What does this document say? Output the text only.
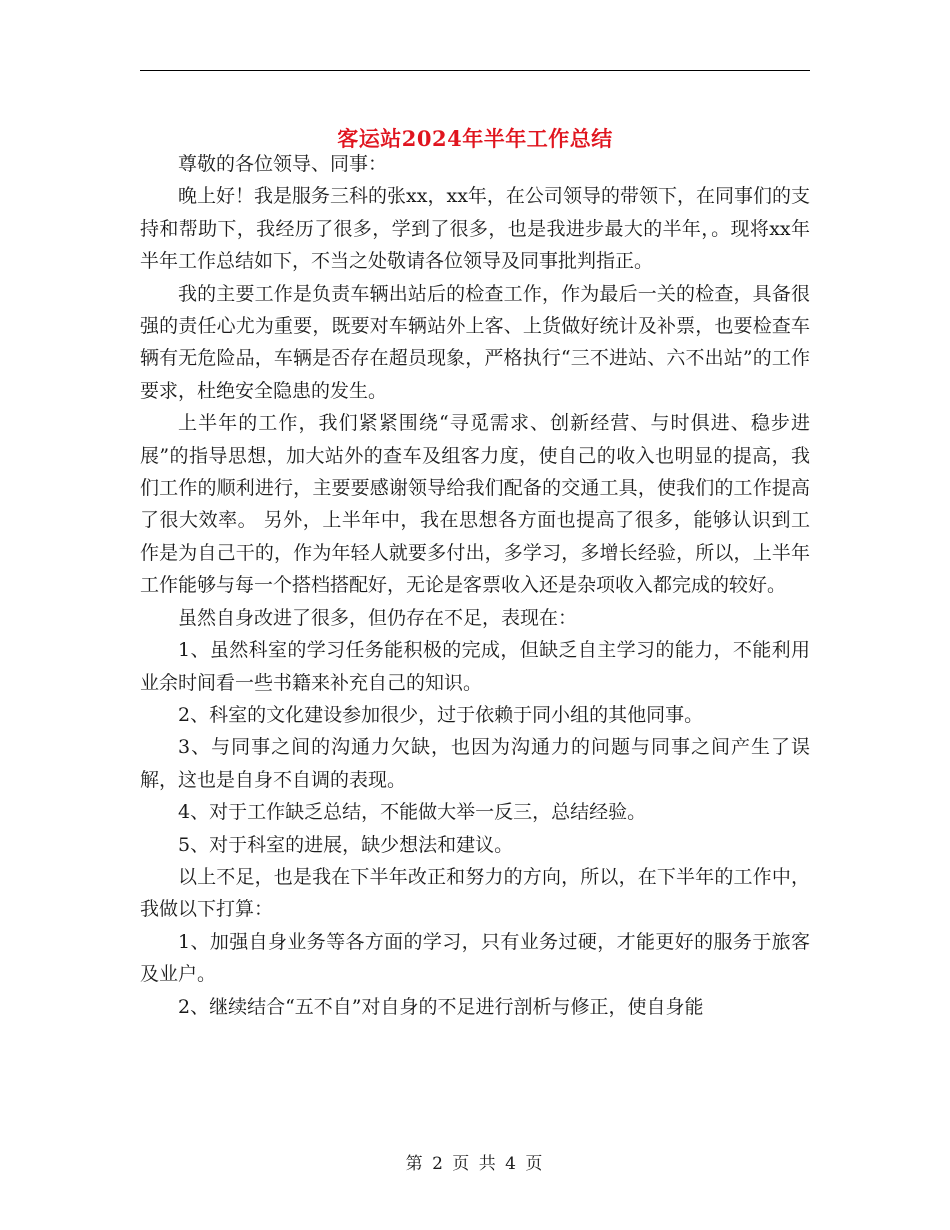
客运站2024年半年工作总结

尊敬的各位领导、同事：

晚上好！我是服务三科的张xx，xx年，在公司领导的带领下，在同事们的支持和帮助下，我经历了很多，学到了很多，也是我进步最大的半年，。现将xx年半年工作总结如下，不当之处敬请各位领导及同事批判指正。

我的主要工作是负责车辆出站后的检查工作，作为最后一关的检查，具备很强的责任心尤为重要，既要对车辆站外上客、上货做好统计及补票，也要检查车辆有无危险品，车辆是否存在超员现象，严格执行“三不进站、六不出站”的工作要求，杜绝安全隐患的发生。

上半年的工作，我们紧紧围绕“寻觅需求、创新经营、与时俱进、稳步进展”的指导思想，加大站外的查车及组客力度，使自己的收入也明显的提高，我们工作的顺利进行，主要要感谢领导给我们配备的交通工具，使我们的工作提高了很大效率。 另外，上半年中，我在思想各方面也提高了很多，能够认识到工作是为自己干的，作为年轻人就要多付出，多学习，多增长经验，所以，上半年工作能够与每一个搭档搭配好，无论是客票收入还是杂项收入都完成的较好。

虽然自身改进了很多，但仍存在不足，表现在：

1、虽然科室的学习任务能积极的完成，但缺乏自主学习的能力，不能利用业余时间看一些书籍来补充自己的知识。

2、科室的文化建设参加很少，过于依赖于同小组的其他同事。

3、与同事之间的沟通力欠缺，也因为沟通力的问题与同事之间产生了误解，这也是自身不自调的表现。

4、对于工作缺乏总结，不能做大举一反三，总结经验。

5、对于科室的进展，缺少想法和建议。

以上不足，也是我在下半年改正和努力的方向，所以，在下半年的工作中，我做以下打算：

1、加强自身业务等各方面的学习，只有业务过硬，才能更好的服务于旅客及业户。

2、继续结合“五不自”对自身的不足进行剖析与修正，使自身能

第 2 页 共 4 页
